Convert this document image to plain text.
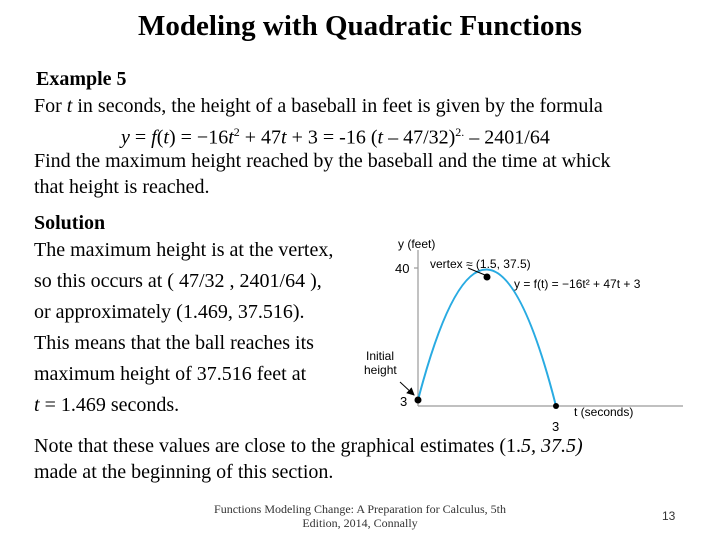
Modeling with Quadratic Functions
Example 5
For t in seconds, the height of a baseball in feet is given by the formula
$y = f(t) = -16t^2 + 47t + 3 = -16$ (t – 47/32)$^{2.}$ – 2401/64
Find the maximum height reached by the baseball and the time at whick
that height is reached.
Solution
The maximum height is at the vertex,
so this occurs at ( 47/32 , 2401/64 ),
or approximately (1.469, 37.516).
This means that the ball reaches its
maximum height of 37.516 feet at
t = 1.469 seconds.
y (feet)
40
3
3
t (seconds)
vertex ≈ (1.5, 37.5)
Initial
height
y = f(t) = −16t² + 47t + 3
Note that these values are close to the graphical estimates (1.5, 37.5)
made at the beginning of this section.
Functions Modeling Change: A Preparation for Calculus, 5th Edition, 2014, Connally	13
